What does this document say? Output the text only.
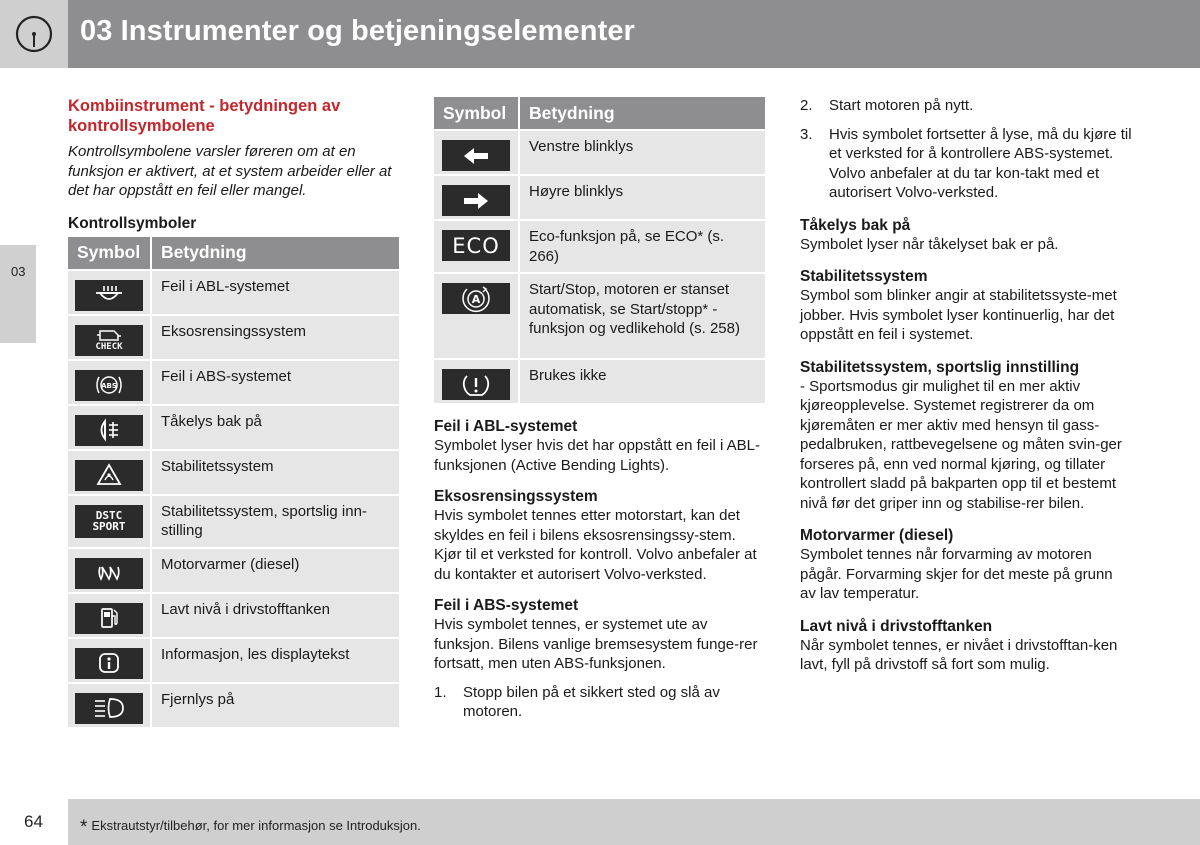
03 Instrumenter og betjeningselementer
03
Kombiinstrument - betydningen av kontrollsymbolene
Kontrollsymbolene varsler føreren om at en funksjon er aktivert, at et system arbeider eller at det har oppstått en feil eller mangel.
Kontrollsymboler
Symbol	Betydning

	Feil i ABL-systemet

CHECK	Eksosrensingssystem

ABS	Feil i ABS-systemet

	Tåkelys bak på

	Stabilitetssystem

DSTC
SPORT	Stabilitetssystem, sportslig inn-stilling

	Motorvarmer (diesel)

	Lavt nivå i drivstofftanken

	Informasjon, les displaytekst

	Fjernlys på
Symbol	Betydning

	Venstre blinklys

	Høyre blinklys

ECO	Eco-funksjon på, se ECO* (s. 266)

A	Start/Stop, motoren er stanset automatisk, se Start/stopp* - funksjon og vedlikehold (s. 258)

	Brukes ikke
Feil i ABL-systemet
Symbolet lyser hvis det har oppstått en feil i ABL-funksjonen (Active Bending Lights).
Eksosrensingssystem
Hvis symbolet tennes etter motorstart, kan det skyldes en feil i bilens eksosrensingssy-stem. Kjør til et verksted for kontroll. Volvo anbefaler at du kontakter et autorisert Volvo-verksted.
Feil i ABS-systemet
Hvis symbolet tennes, er systemet ute av funksjon. Bilens vanlige bremsesystem funge-rer fortsatt, men uten ABS-funksjonen.
1. Stopp bilen på et sikkert sted og slå av motoren.
2. Start motoren på nytt.
3. Hvis symbolet fortsetter å lyse, må du kjøre til et verksted for å kontrollere ABS-systemet. Volvo anbefaler at du tar kon-takt med et autorisert Volvo-verksted.
Tåkelys bak på
Symbolet lyser når tåkelyset bak er på.
Stabilitetssystem
Symbol som blinker angir at stabilitetssyste-met jobber. Hvis symbolet lyser kontinuerlig, har det oppstått en feil i systemet.
Stabilitetssystem, sportslig innstilling
- Sportsmodus gir mulighet til en mer aktiv kjøreopplevelse. Systemet registrerer da om kjøremåten er mer aktiv med hensyn til gass-pedalbruken, rattbevegelsene og måten svin-ger forseres på, enn ved normal kjøring, og tillater kontrollert sladd på bakparten opp til et bestemt nivå før det griper inn og stabilise-rer bilen.
Motorvarmer (diesel)
Symbolet tennes når forvarming av motoren pågår. Forvarming skjer for det meste på grunn av lav temperatur.
Lavt nivå i drivstofftanken
Når symbolet tennes, er nivået i drivstofftan-ken lavt, fyll på drivstoff så fort som mulig.
64 * Ekstrautstyr/tilbehør, for mer informasjon se Introduksjon.
